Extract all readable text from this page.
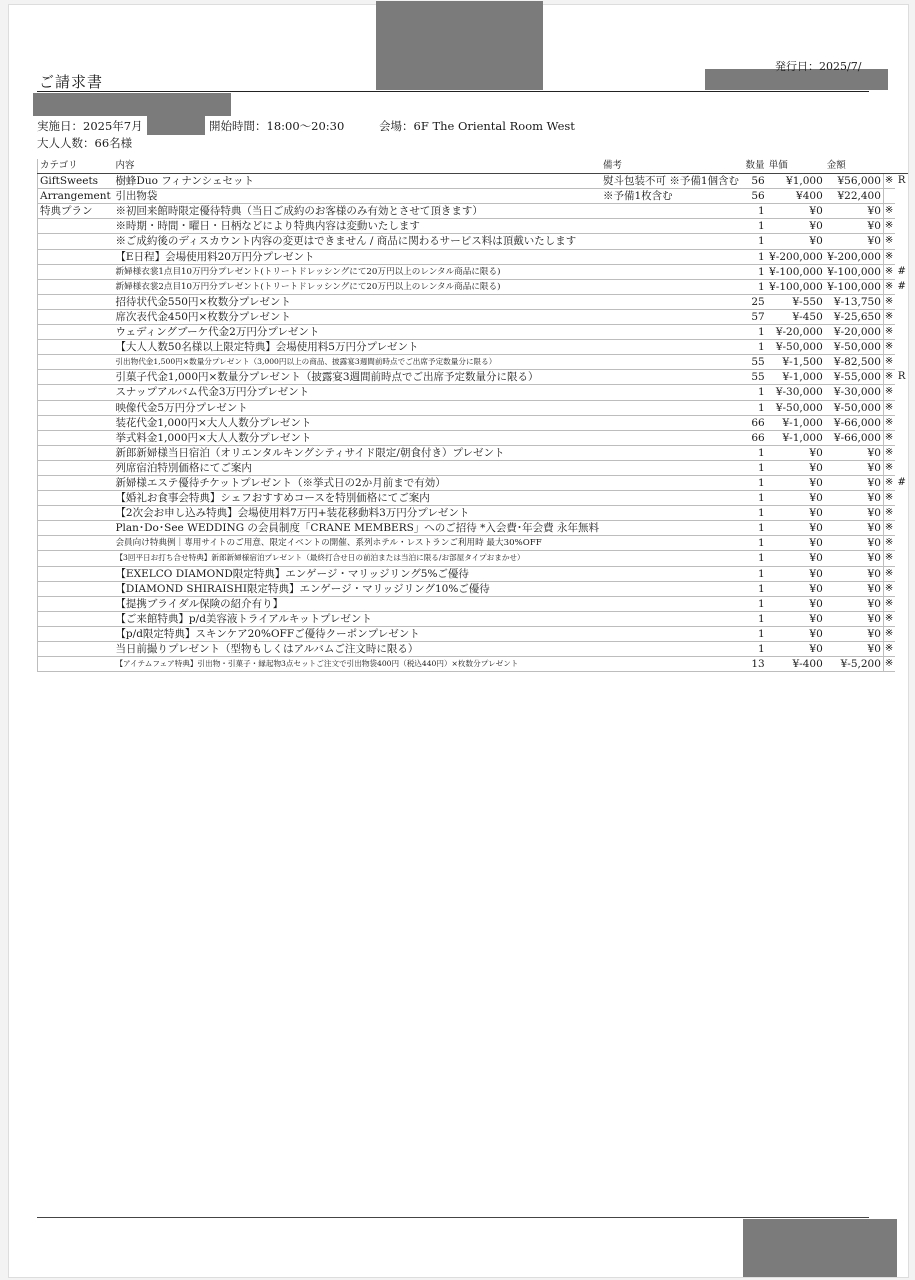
ご請求書
発行日：2025/7/
実施日：2025年7月	開始時間：18:00～20:30	会場：6F The Oriental Room West
大人人数：66名様
カテゴリ	内容	備考	数量	単価	金額		
GiftSweets	樹蜂Duo フィナンシェセット	熨斗包装不可 ※予備1個含む	56	¥1,000	¥56,000	※	R
Arrangement	引出物袋	※予備1枚含む	56	¥400	¥22,400		
特典プラン	※初回来館時限定優待特典（当日ご成約のお客様のみ有効とさせて頂きます）		1	¥0	¥0	※	
	※時期・時間・曜日・日柄などにより特典内容は変動いたします		1	¥0	¥0	※	
	※ご成約後のディスカウント内容の変更はできません / 商品に関わるサービス料は頂戴いたします		1	¥0	¥0	※	
	【E日程】会場使用料20万円分プレゼント		1	¥-200,000	¥-200,000	※	
	新婦様衣裳1点目10万円分プレゼント(トリートドレッシングにて20万円以上のレンタル商品に限る)		1	¥-100,000	¥-100,000	※	#
	新婦様衣裳2点目10万円分プレゼント(トリートドレッシングにて20万円以上のレンタル商品に限る)		1	¥-100,000	¥-100,000	※	#
	招待状代金550円×枚数分プレゼント		25	¥-550	¥-13,750	※	
	席次表代金450円×枚数分プレゼント		57	¥-450	¥-25,650	※	
	ウェディングブーケ代金2万円分プレゼント		1	¥-20,000	¥-20,000	※	
	【大人人数50名様以上限定特典】会場使用料5万円分プレゼント		1	¥-50,000	¥-50,000	※	
	引出物代金1,500円×数量分プレゼント（3,000円以上の商品、披露宴3週間前時点でご出席予定数量分に限る）		55	¥-1,500	¥-82,500	※	
	引菓子代金1,000円×数量分プレゼント（披露宴3週間前時点でご出席予定数量分に限る）		55	¥-1,000	¥-55,000	※	R
	スナップアルバム代金3万円分プレゼント		1	¥-30,000	¥-30,000	※	
	映像代金5万円分プレゼント		1	¥-50,000	¥-50,000	※	
	装花代金1,000円×大人人数分プレゼント		66	¥-1,000	¥-66,000	※	
	挙式料金1,000円×大人人数分プレゼント		66	¥-1,000	¥-66,000	※	
	新郎新婦様当日宿泊（オリエンタルキングシティサイド限定/朝食付き）プレゼント		1	¥0	¥0	※	
	列席宿泊特別価格にてご案内		1	¥0	¥0	※	
	新婦様エステ優待チケットプレゼント（※挙式日の2か月前まで有効）		1	¥0	¥0	※	#
	【婚礼お食事会特典】シェフおすすめコースを特別価格にてご案内		1	¥0	¥0	※	
	【2次会お申し込み特典】会場使用料7万円+装花移動料3万円分プレゼント		1	¥0	¥0	※	
	Plan･Do･See WEDDING の会員制度「CRANE MEMBERS」へのご招待 *入会費･年会費 永年無料		1	¥0	¥0	※	
	会員向け特典例｜専用サイトのご用意、限定イベントの開催、系列ホテル・レストランご利用時 最大30%OFF		1	¥0	¥0	※	
	【3回平日お打ち合せ特典】新郎新婦様宿泊プレゼント（最終打合せ日の前泊または当泊に限る/お部屋タイプおまかせ）		1	¥0	¥0	※	
	【EXELCO DIAMOND限定特典】エンゲージ・マリッジリング5%ご優待		1	¥0	¥0	※	
	【DIAMOND SHIRAISHI限定特典】エンゲージ・マリッジリング10%ご優待		1	¥0	¥0	※	
	【提携ブライダル保険の紹介有り】		1	¥0	¥0	※	
	【ご来館特典】p/d美容液トライアルキットプレゼント		1	¥0	¥0	※	
	【p/d限定特典】スキンケア20%OFFご優待クーポンプレゼント		1	¥0	¥0	※	
	当日前撮りプレゼント（型物もしくはアルバムご注文時に限る）		1	¥0	¥0	※	
	【アイテムフェア特典】引出物・引菓子・縁起物3点セットご注文で引出物袋400円（税込440円）×枚数分プレゼント		13	¥-400	¥-5,200	※	
